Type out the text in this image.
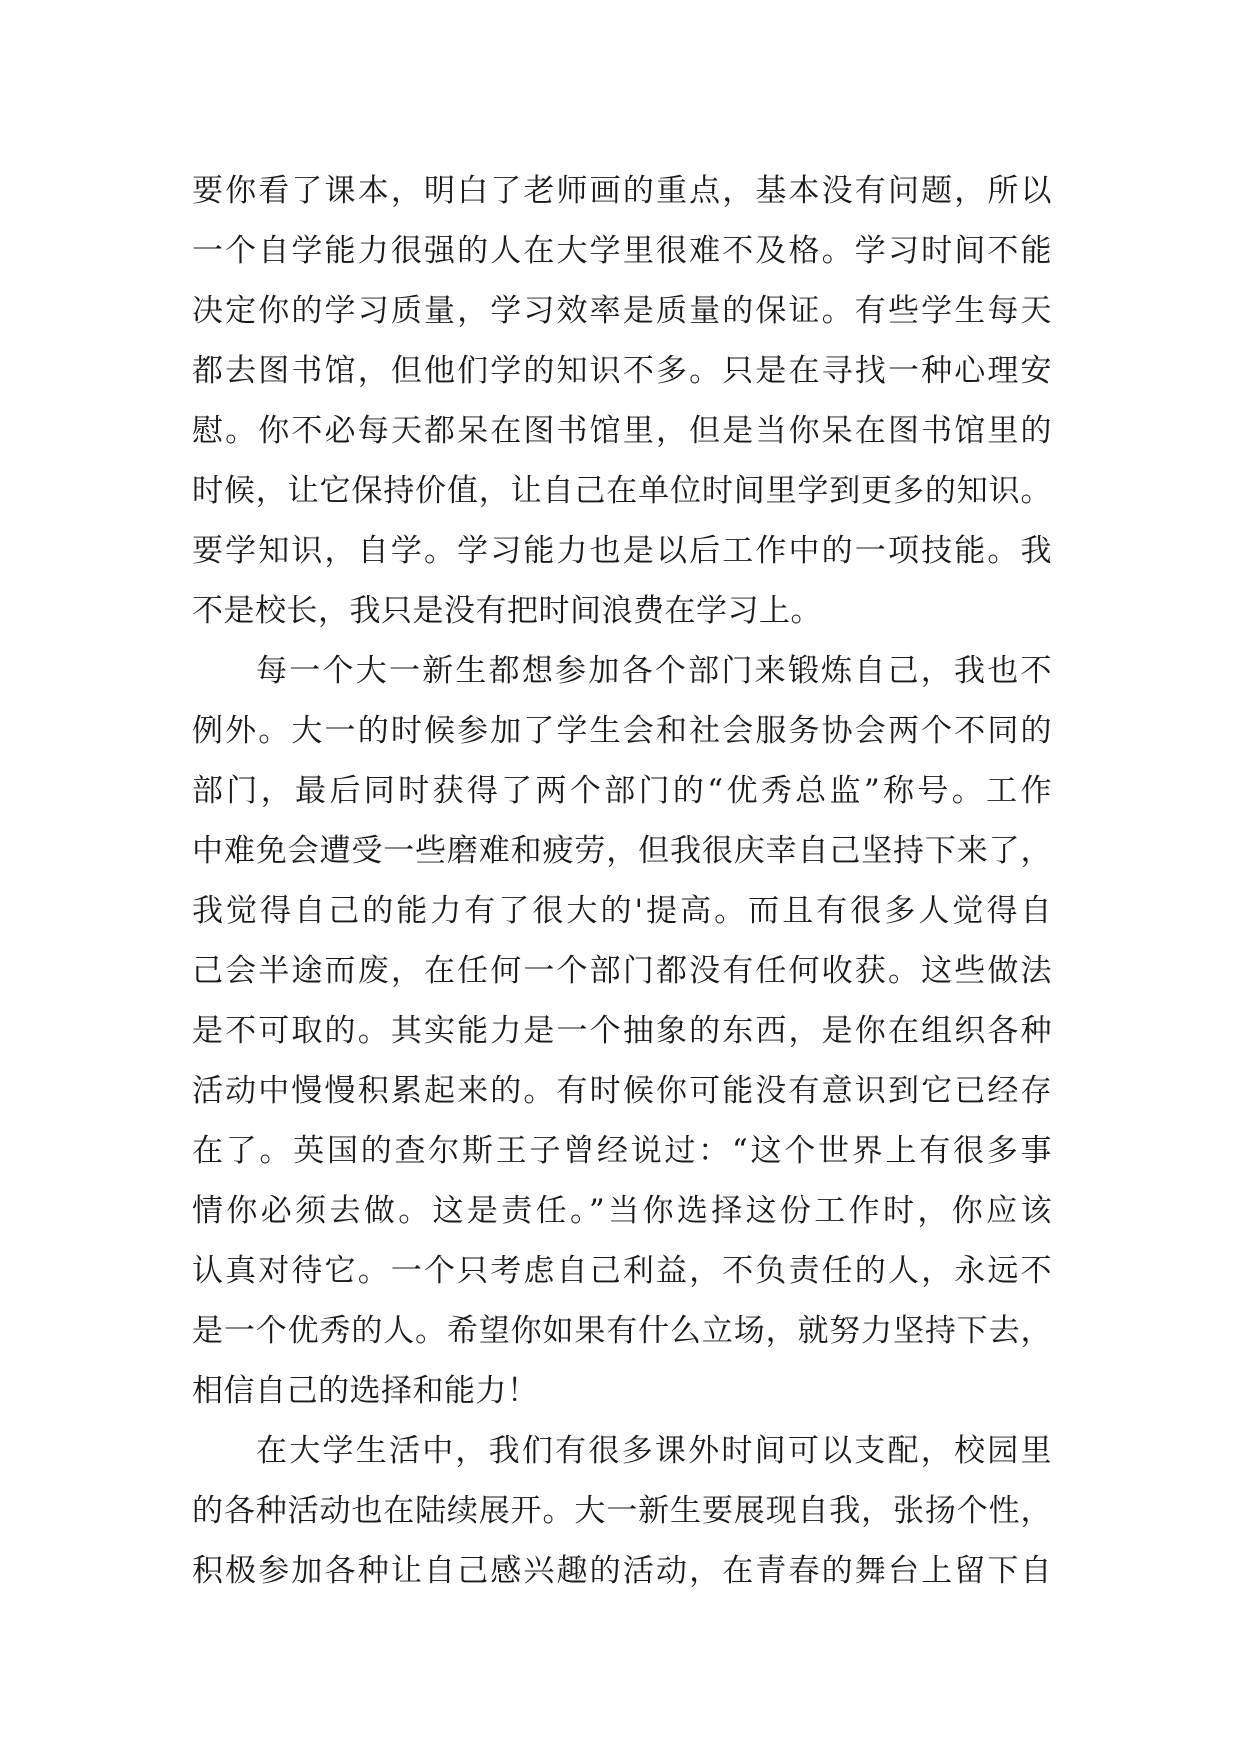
要你看了课本，明白了老师画的重点，基本没有问题，所以
一个自学能力很强的人在大学里很难不及格。学习时间不能
决定你的学习质量，学习效率是质量的保证。有些学生每天
都去图书馆，但他们学的知识不多。只是在寻找一种心理安
慰。你不必每天都呆在图书馆里，但是当你呆在图书馆里的
时候，让它保持价值，让自己在单位时间里学到更多的知识。
要学知识，自学。学习能力也是以后工作中的一项技能。我
不是校长，我只是没有把时间浪费在学习上。
每一个大一新生都想参加各个部门来锻炼自己，我也不
例外。大一的时候参加了学生会和社会服务协会两个不同的
部门，最后同时获得了两个部门的“优秀总监”称号。工作
中难免会遭受一些磨难和疲劳，但我很庆幸自己坚持下来了，
我觉得自己的能力有了很大的'提高。而且有很多人觉得自
己会半途而废，在任何一个部门都没有任何收获。这些做法
是不可取的。其实能力是一个抽象的东西，是你在组织各种
活动中慢慢积累起来的。有时候你可能没有意识到它已经存
在了。英国的查尔斯王子曾经说过：“这个世界上有很多事
情你必须去做。这是责任。”当你选择这份工作时，你应该
认真对待它。一个只考虑自己利益，不负责任的人，永远不
是一个优秀的人。希望你如果有什么立场，就努力坚持下去，
相信自己的选择和能力！
在大学生活中，我们有很多课外时间可以支配，校园里
的各种活动也在陆续展开。大一新生要展现自我，张扬个性，
积极参加各种让自己感兴趣的活动，在青春的舞台上留下自
